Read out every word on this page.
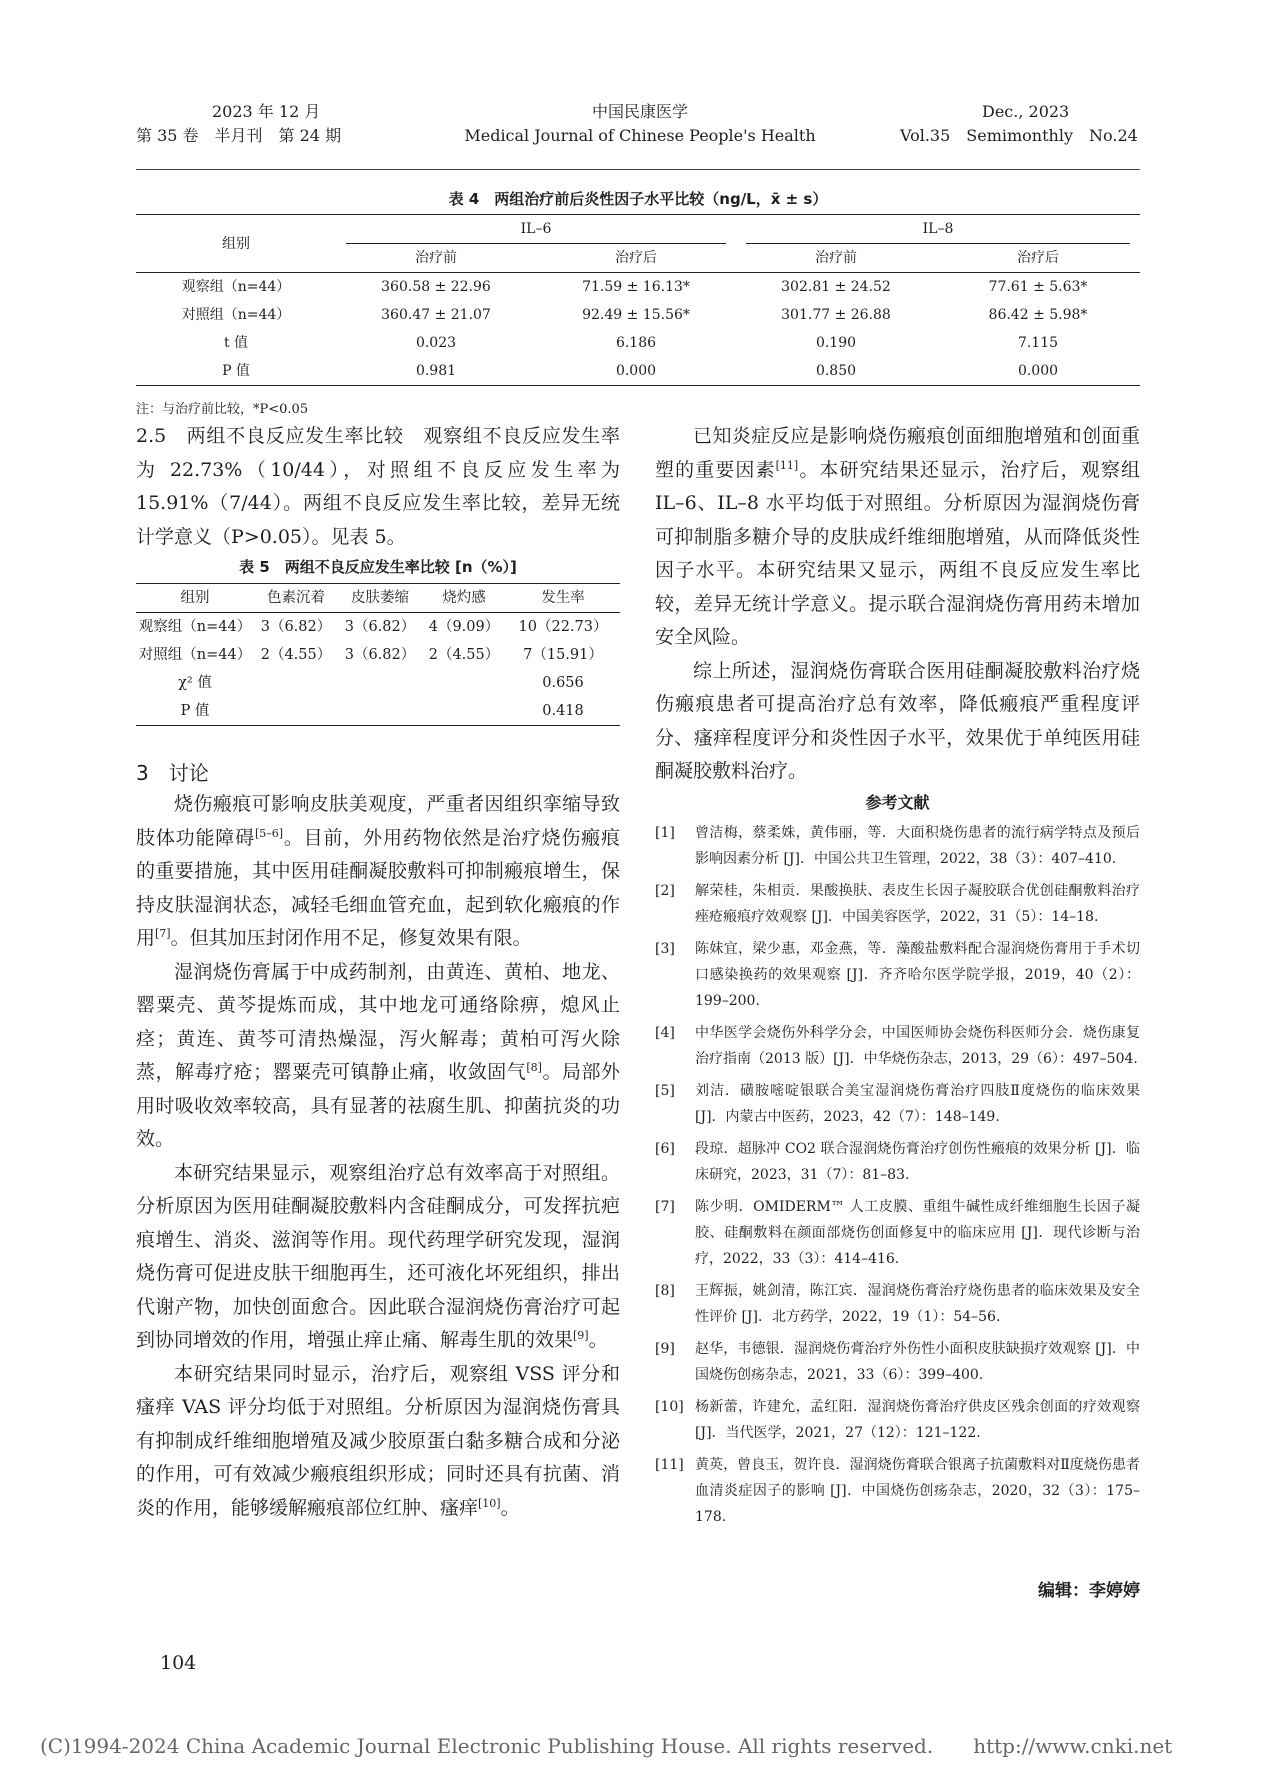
2023 年 12 月
第 35 卷　半月刊　第 24 期
中国民康医学
Medical Journal of Chinese People's Health
Dec., 2023
Vol.35　Semimonthly　No.24
表 4　两组治疗前后炎性因子水平比较（ng/L，x̄ ± s）
组别	IL–6		IL–8	

	治疗前	治疗后	治疗前	治疗后
观察组（n=44）	360.58 ± 22.96	71.59 ± 16.13*	302.81 ± 24.52	77.61 ± 5.63*
对照组（n=44）	360.47 ± 21.07	92.49 ± 15.56*	301.77 ± 26.88	86.42 ± 5.98*
t 值	0.023	6.186	0.190	7.115
P 值	0.981	0.000	0.850	0.000
注：与治疗前比较，*P<0.05

2.5　两组不良反应发生率比较　观察组不良反应发生率为 22.73%（10/44），对照组不良反应发生率为 15.91%（7/44）。两组不良反应发生率比较，差异无统计学意义（P>0.05）。见表 5。

表 5　两组不良反应发生率比较 [n（%）]
组别	色素沉着	皮肤萎缩	烧灼感	发生率
观察组（n=44）	3（6.82）	3（6.82）	4（9.09）	10（22.73）
对照组（n=44）	2（4.55）	3（6.82）	2（4.55）	7（15.91）
χ² 值				0.656
P 值				0.418
3　讨论

烧伤瘢痕可影响皮肤美观度，严重者因组织挛缩导致肢体功能障碍[5–6]。目前，外用药物依然是治疗烧伤瘢痕的重要措施，其中医用硅酮凝胶敷料可抑制瘢痕增生，保持皮肤湿润状态，减轻毛细血管充血，起到软化瘢痕的作用[7]。但其加压封闭作用不足，修复效果有限。

湿润烧伤膏属于中成药制剂，由黄连、黄柏、地龙、罂粟壳、黄芩提炼而成，其中地龙可通络除痹，熄风止痉；黄连、黄芩可清热燥湿，泻火解毒；黄柏可泻火除蒸，解毒疗疮；罂粟壳可镇静止痛，收敛固气[8]。局部外用时吸收效率较高，具有显著的祛腐生肌、抑菌抗炎的功效。

本研究结果显示，观察组治疗总有效率高于对照组。分析原因为医用硅酮凝胶敷料内含硅酮成分，可发挥抗疤痕增生、消炎、滋润等作用。现代药理学研究发现，湿润烧伤膏可促进皮肤干细胞再生，还可液化坏死组织，排出代谢产物，加快创面愈合。因此联合湿润烧伤膏治疗可起到协同增效的作用，增强止痒止痛、解毒生肌的效果[9]。

本研究结果同时显示，治疗后，观察组 VSS 评分和瘙痒 VAS 评分均低于对照组。分析原因为湿润烧伤膏具有抑制成纤维细胞增殖及减少胶原蛋白黏多糖合成和分泌的作用，可有效减少瘢痕组织形成；同时还具有抗菌、消炎的作用，能够缓解瘢痕部位红肿、瘙痒[10]。

已知炎症反应是影响烧伤瘢痕创面细胞增殖和创面重塑的重要因素[11]。本研究结果还显示，治疗后，观察组 IL–6、IL–8 水平均低于对照组。分析原因为湿润烧伤膏可抑制脂多糖介导的皮肤成纤维细胞增殖，从而降低炎性因子水平。本研究结果又显示，两组不良反应发生率比较，差异无统计学意义。提示联合湿润烧伤膏用药未增加安全风险。

综上所述，湿润烧伤膏联合医用硅酮凝胶敷料治疗烧伤瘢痕患者可提高治疗总有效率，降低瘢痕严重程度评分、瘙痒程度评分和炎性因子水平，效果优于单纯医用硅酮凝胶敷料治疗。

参考文献
[1] 曾洁梅，蔡柔姝，黄伟丽，等．大面积烧伤患者的流行病学特点及预后影响因素分析 [J]．中国公共卫生管理，2022，38（3）：407–410.
[2] 解荣桂，朱相贡．果酸换肤、表皮生长因子凝胶联合优创硅酮敷料治疗痤疮瘢痕疗效观察 [J]．中国美容医学，2022，31（5）：14–18.
[3] 陈妹宜，梁少惠，邓金燕，等．藻酸盐敷料配合湿润烧伤膏用于手术切口感染换药的效果观察 [J]．齐齐哈尔医学院学报，2019，40（2）：199–200.
[4] 中华医学会烧伤外科学分会，中国医师协会烧伤科医师分会．烧伤康复治疗指南（2013 版）[J]．中华烧伤杂志，2013，29（6）：497–504.
[5] 刘洁．磺胺嘧啶银联合美宝湿润烧伤膏治疗四肢Ⅱ度烧伤的临床效果 [J]．内蒙古中医药，2023，42（7）：148–149.
[6] 段琼．超脉冲 CO2 联合湿润烧伤膏治疗创伤性瘢痕的效果分析 [J]．临床研究，2023，31（7）：81–83.
[7] 陈少明．OMIDERM™ 人工皮膜、重组牛碱性成纤维细胞生长因子凝胶、硅酮敷料在颜面部烧伤创面修复中的临床应用 [J]．现代诊断与治疗，2022，33（3）：414–416.
[8] 王辉振，姚剑清，陈江宾．湿润烧伤膏治疗烧伤患者的临床效果及安全性评价 [J]．北方药学，2022，19（1）：54–56.
[9] 赵华，韦德银．湿润烧伤膏治疗外伤性小面积皮肤缺损疗效观察 [J]．中国烧伤创疡杂志，2021，33（6）：399–400.
[10] 杨新蕾，许建允，孟红阳．湿润烧伤膏治疗供皮区残余创面的疗效观察 [J]．当代医学，2021，27（12）：121–122.
[11] 黄英，曾良玉，贺许良．湿润烧伤膏联合银离子抗菌敷料对Ⅱ度烧伤患者血清炎症因子的影响 [J]．中国烧伤创疡杂志，2020，32（3）：175–178.
编辑：李婷婷
104
(C)1994-2024 China Academic Journal Electronic Publishing House. All rights reserved.　　http://www.cnki.net
